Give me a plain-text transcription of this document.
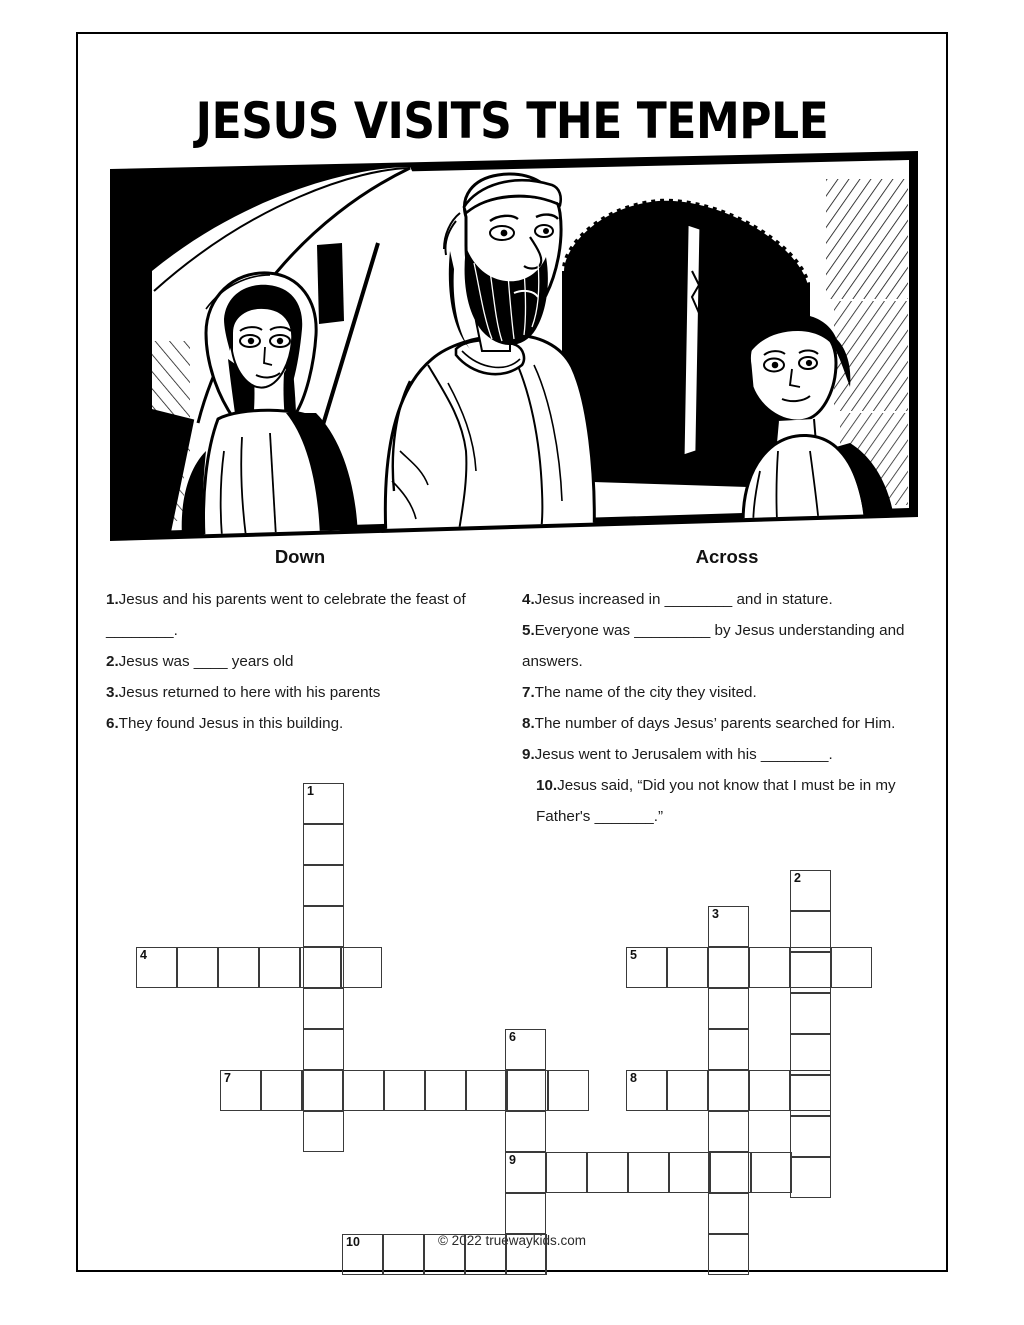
JESUS VISITS THE TEMPLE
Down

1.Jesus and his parents went to celebrate the feast of ________.

2.Jesus was ____ years old

3.Jesus returned to here with his parents

6.They found Jesus in this building.

Across

4.Jesus increased in ________ and in stature.

5.Everyone was _________ by Jesus understanding and answers.

7.The name of the city they visited.

8.The number of days Jesus’ parents searched for Him.

9.Jesus went to Jerusalem with his ________.

10.Jesus said, “Did you not know that I must be in my Father's _______.”

© 2022 truewaykids.com
1
2
3
4	5
6
9
7	8
10
